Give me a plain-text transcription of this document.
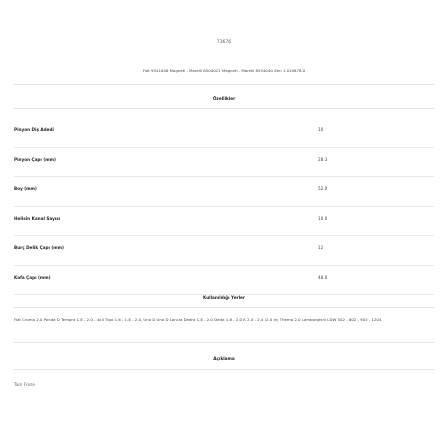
73676
Fiat 9541846 Magneti - Marelli 8504021 Magneti - Marelli 8554040 Zen 1.010878.0
Özellikler
Pinyon Diş Adedi	10
Pinyon Çapı (mm)	28.3
Boy (mm)	52.0
Helisin Kanal Sayısı	10.0
Burç Delik Çapı (mm)	12
Kafa Çapı (mm)	48.0
Kullanıldığı Yerler
Fiat Croma 2.0 Panda D Tempra 1.8 - 2.0 - 4x4 Tipo 1.6 - 1.8 - 2.0, Uno D Uno D Lancia Dedra 1.8 - 2.0 Delta 1.8 - 2.0 K 2.0 - 2.4 (2.0 ie) Thema 2.0 Lamborghini LDW 502 - 602 - 903 - 1204
Açıklama
Tam Freze
